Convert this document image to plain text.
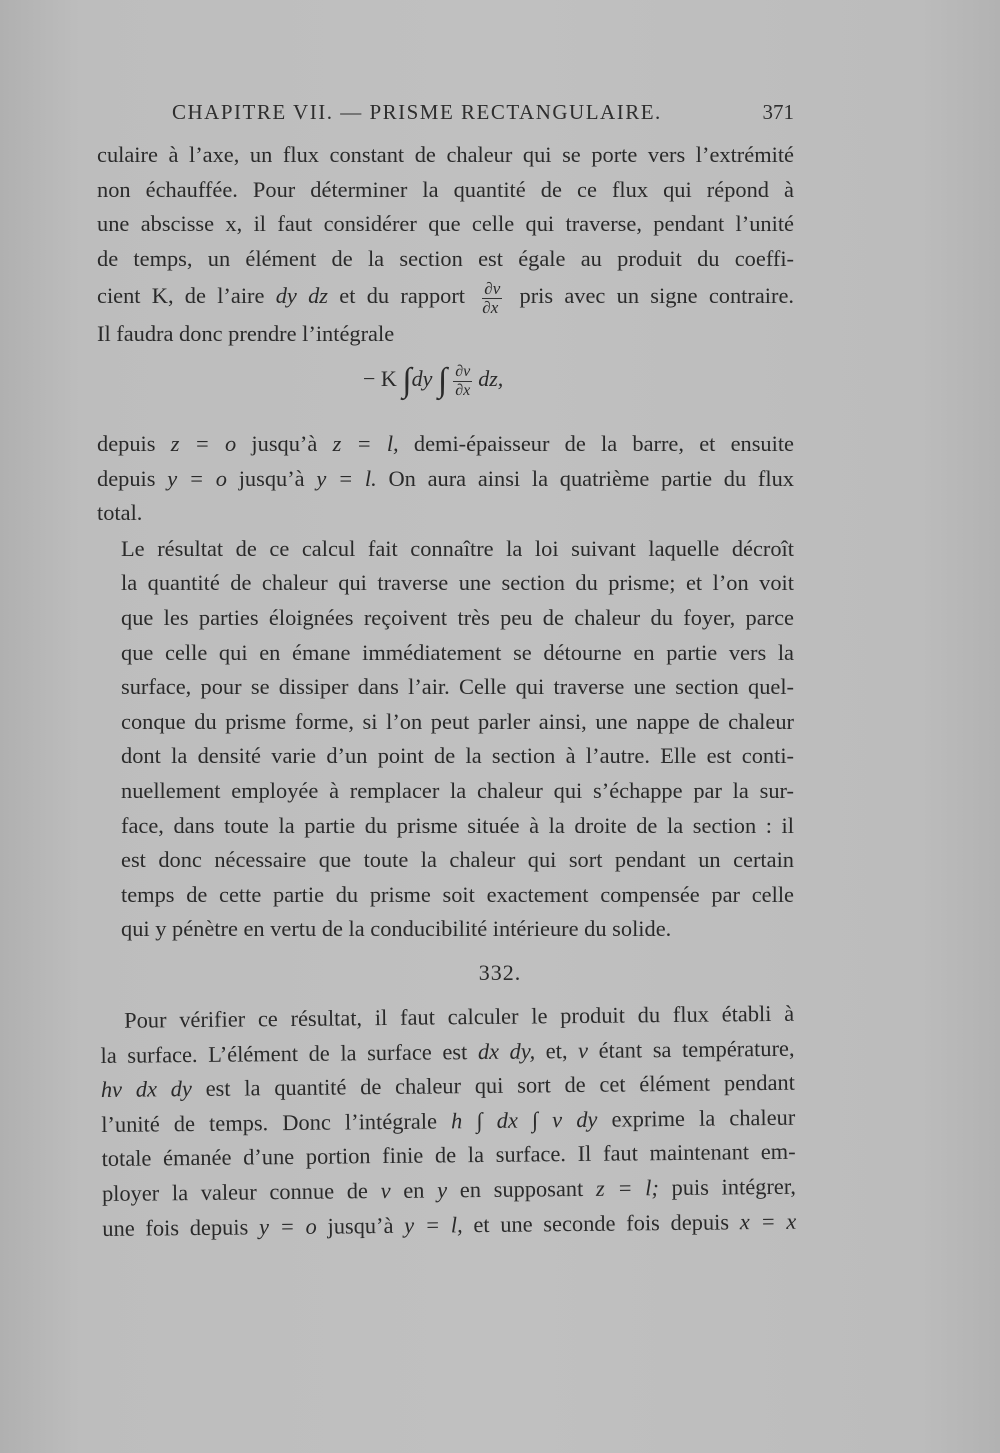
CHAPITRE VII. — PRISME RECTANGULAIRE.	371

culaire à l’axe, un flux constant de chaleur qui se porte vers l’extrémité
non échauffée. Pour déterminer la quantité de ce flux qui répond à
une abscisse x, il faut considérer que celle qui traverse, pendant l’unité
de temps, un élément de la section est égale au produit du coeffi-
cient K, de l’aire dy dz et du rapport $\frac{\partial v}{\partial x}$ pris avec un signe contraire.
Il faudra donc prendre l’intégrale

− K ∫dy ∫ $\frac{\partial v}{\partial x}$ dz,

depuis z = o jusqu’à z = l, demi-épaisseur de la barre, et ensuite
depuis y = o jusqu’à y = l. On aura ainsi la quatrième partie du flux
total.

Le résultat de ce calcul fait connaître la loi suivant laquelle décroît
la quantité de chaleur qui traverse une section du prisme; et l’on voit
que les parties éloignées reçoivent très peu de chaleur du foyer, parce
que celle qui en émane immédiatement se détourne en partie vers la
surface, pour se dissiper dans l’air. Celle qui traverse une section quel-
conque du prisme forme, si l’on peut parler ainsi, une nappe de chaleur
dont la densité varie d’un point de la section à l’autre. Elle est conti-
nuellement employée à remplacer la chaleur qui s’échappe par la sur-
face, dans toute la partie du prisme située à la droite de la section : il
est donc nécessaire que toute la chaleur qui sort pendant un certain
temps de cette partie du prisme soit exactement compensée par celle
qui y pénètre en vertu de la conducibilité intérieure du solide.

332.
Pour vérifier ce résultat, il faut calculer le produit du flux établi à
la surface. L’élément de la surface est dx dy, et, v étant sa température,
hv dx dy est la quantité de chaleur qui sort de cet élément pendant
l’unité de temps. Donc l’intégrale h ∫ dx ∫ v dy exprime la chaleur
totale émanée d’une portion finie de la surface. Il faut maintenant em-
ployer la valeur connue de v en y en supposant z = l; puis intégrer,
une fois depuis y = o jusqu’à y = l, et une seconde fois depuis x = x
